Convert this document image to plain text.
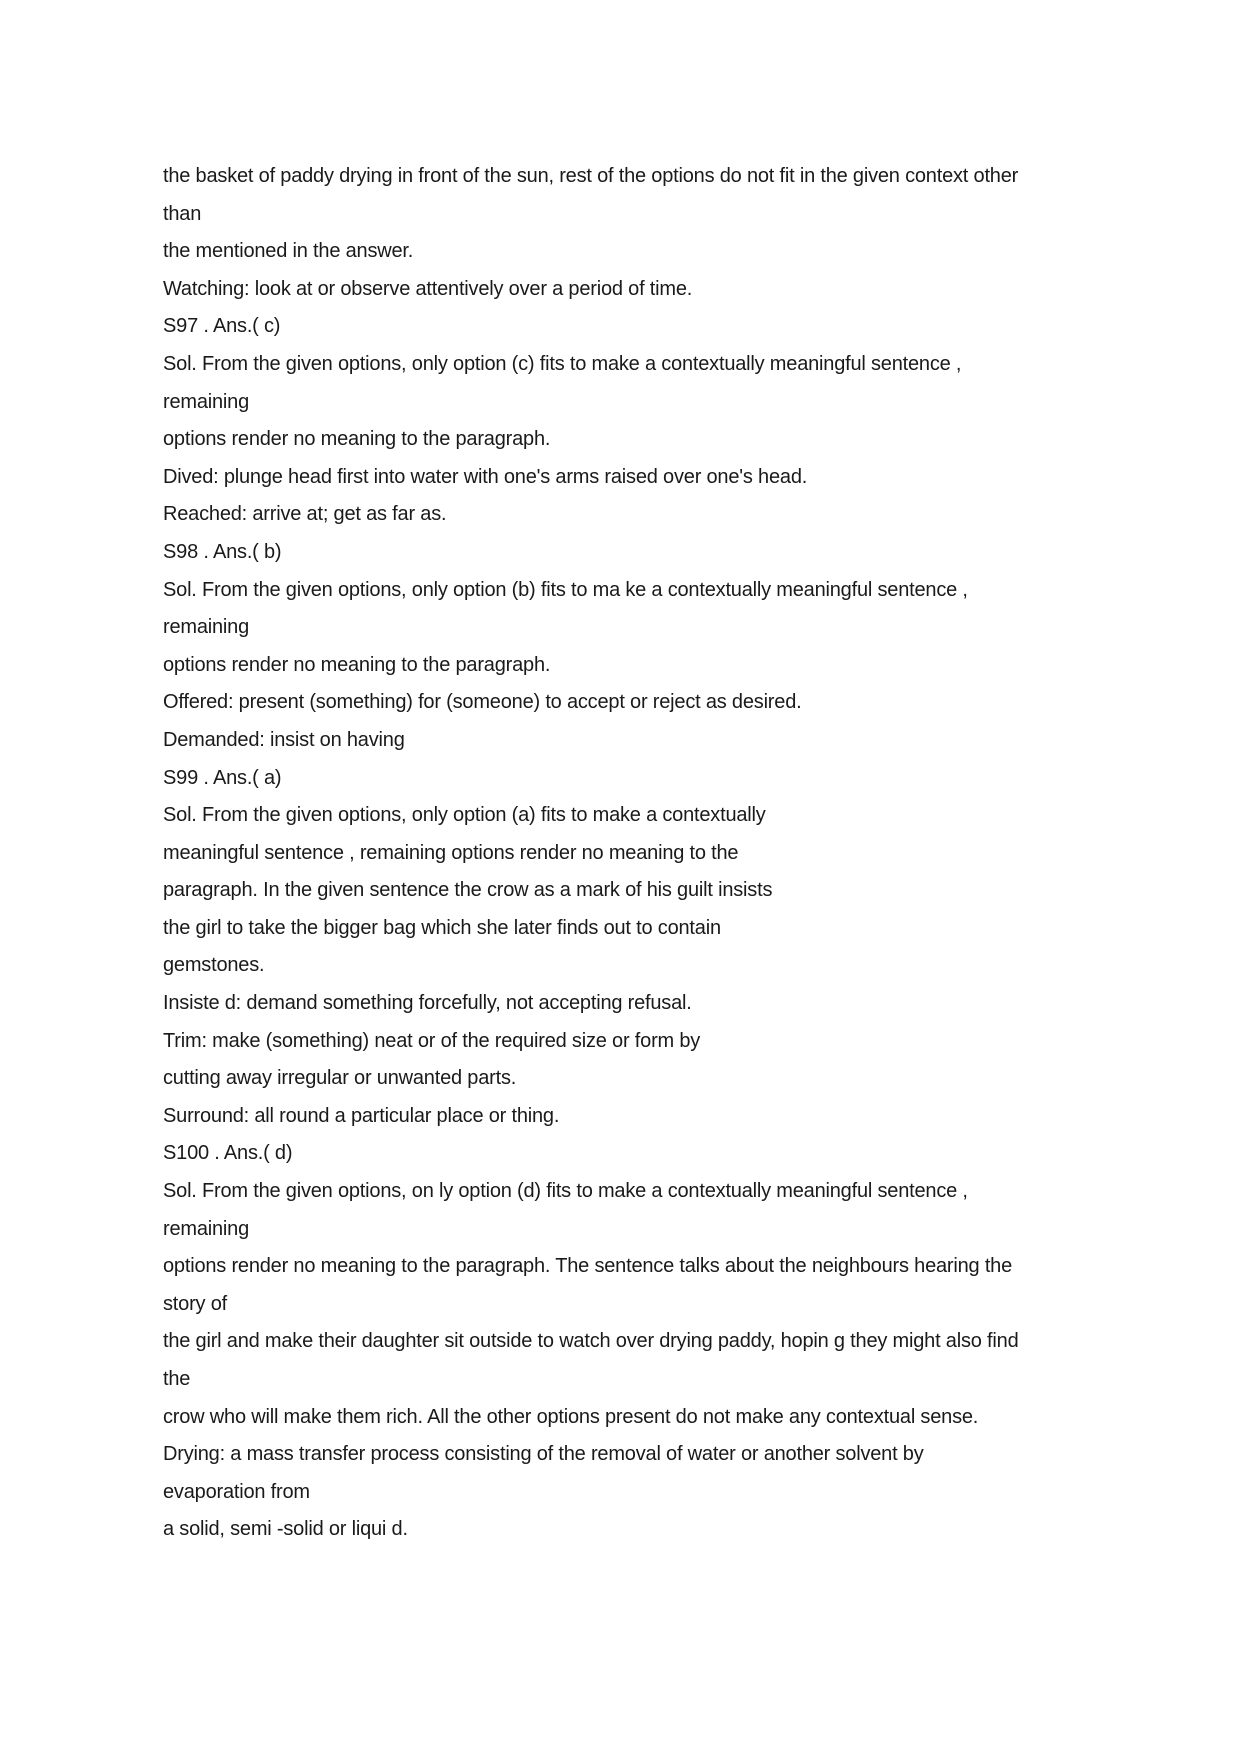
the basket of paddy drying in front of the sun, rest of the options do not fit in the given context other

than

the mentioned in the answer.

Watching: look at or observe attentively over a period of time.

S97 . Ans.( c)

Sol. From the given options, only option (c) fits to make a contextually meaningful sentence ,

remaining

options render no meaning to the paragraph.

Dived: plunge head first into water with one's arms raised over one's head.

Reached: arrive at; get as far as.

S98 . Ans.( b)

Sol. From the given options, only option (b) fits to ma ke a contextually meaningful sentence ,

remaining

options render no meaning to the paragraph.

Offered: present (something) for (someone) to accept or reject as desired.

Demanded: insist on having

S99 . Ans.( a)

Sol. From the given options, only option (a) fits to make a contextually

meaningful sentence , remaining options render no meaning to the

paragraph. In the given sentence the crow as a mark of his guilt insists

the girl to take the bigger bag which she later finds out to contain

gemstones.

Insiste d: demand something forcefully, not accepting refusal.

Trim: make (something) neat or of the required size or form by

cutting away irregular or unwanted parts.

Surround: all round a particular place or thing.

S100 . Ans.( d)

Sol. From the given options, on ly option (d) fits to make a contextually meaningful sentence ,

remaining

options render no meaning to the paragraph. The sentence talks about the neighbours hearing the

story of

the girl and make their daughter sit outside to watch over drying paddy, hopin g they might also find

the

crow who will make them rich. All the other options present do not make any contextual sense.

Drying: a mass transfer process consisting of the removal of water or another solvent by

evaporation from

a solid, semi -solid or liqui d.
